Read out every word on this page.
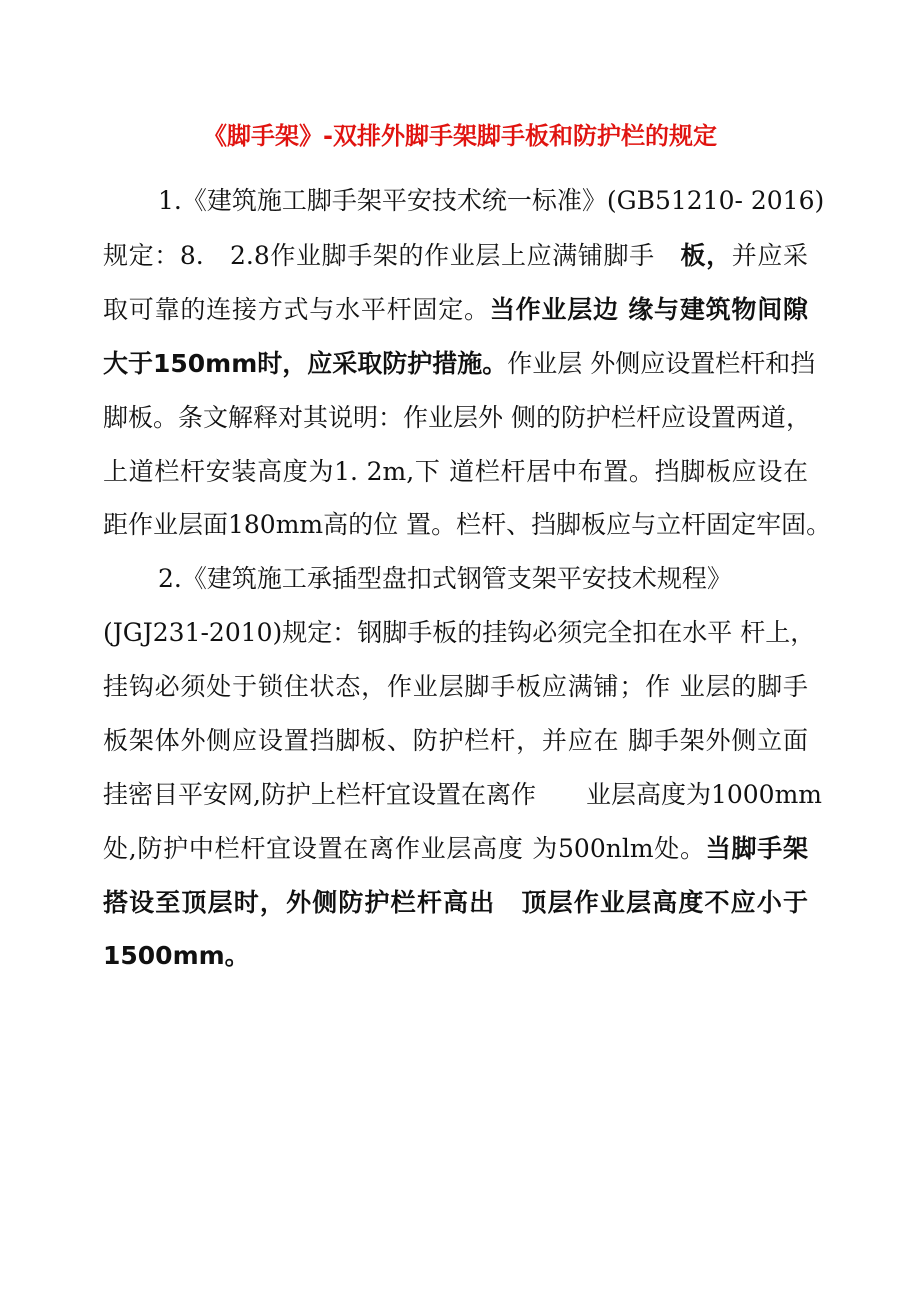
《脚手架》-双排外脚手架脚手板和防护栏的规定
1.《建筑施工脚手架平安技术统一标准》(GB51210- 2016)
规定：8.　2.8作业脚手架的作业层上应满铺脚手　板，并应采
取可靠的连接方式与水平杆固定。当作业层边 缘与建筑物间隙
大于150mm时，应采取防护措施。作业层 外侧应设置栏杆和挡
脚板。条文解释对其说明：作业层外 侧的防护栏杆应设置两道，
上道栏杆安装高度为1. 2m,下 道栏杆居中布置。挡脚板应设在
距作业层面180mm高的位 置。栏杆、挡脚板应与立杆固定牢固。
2.《建筑施工承插型盘扣式钢管支架平安技术规程》
(JGJ231-2010)规定：钢脚手板的挂钩必须完全扣在水平 杆上，
挂钩必须处于锁住状态，作业层脚手板应满铺；作 业层的脚手
板架体外侧应设置挡脚板、防护栏杆，并应在 脚手架外侧立面
挂密目平安网,防护上栏杆宜设置在离作　　业层高度为1000mm
处,防护中栏杆宜设置在离作业层高度 为500nlm处。当脚手架
搭设至顶层时，外侧防护栏杆高出　顶层作业层高度不应小于
1500mm。
